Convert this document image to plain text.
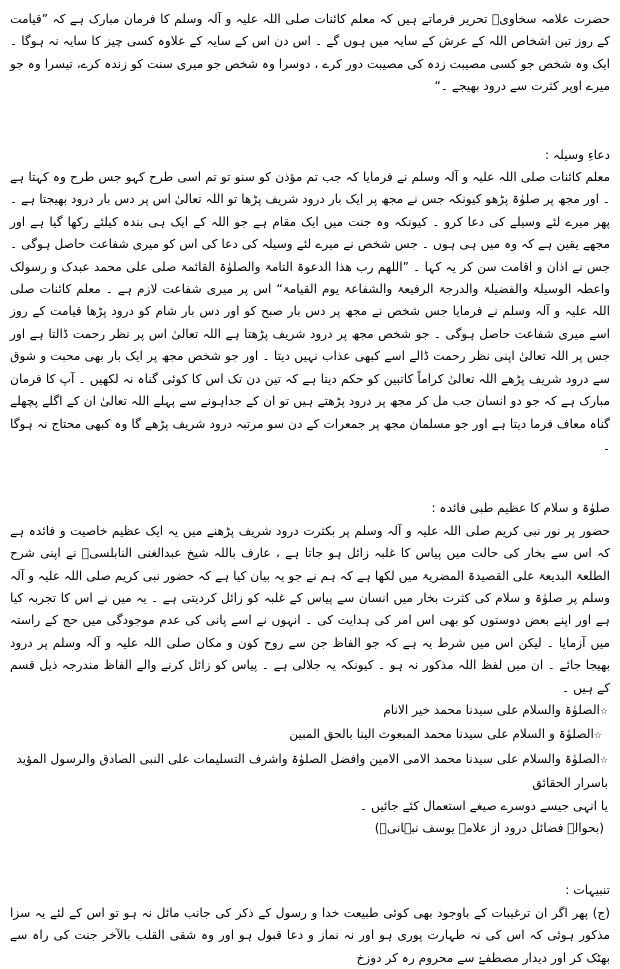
حضرت علامہ سخاویؒ تحریر فرماتے ہیں کہ معلم کائنات صلی اللہ علیہ و آلہ وسلم کا فرمان مبارک ہے کہ ”قیامت کے روز تین اشخاص اللہ کے عرش کے سایہ میں ہوں گے ۔ اس دن اس کے سایہ کے علاوہ کسی چیز کا سایہ نہ ہوگا ۔ ایک وہ شخص جو کسی مصیبت زدہ کی مصیبت دور کرے ، دوسرا وہ شخص جو میری سنت کو زندہ کرے، تیسرا وہ جو میرے اوپر کثرت سے درود بھیجے ۔“

دعاءِ وسیلہ :

معلم کائنات صلی اللہ علیہ و آلہ وسلم نے فرمایا کہ جب تم مؤذن کو سنو تو تم اسی طرح کہو جس طرح وہ کہتا ہے ۔ اور مجھ پر صلوٰۃ پڑھو کیونکہ جس نے مجھ پر ایک بار درود شریف پڑھا تو اللہ تعالیٰ اس پر دس بار درود بھیجتا ہے ۔ پھر میرے لئے وسیلے کی دعا کرو ۔ کیونکہ وہ جنت میں ایک مقام ہے جو اللہ کے ایک ہی بندہ کیلئے رکھا گیا ہے اور مجھے یقین ہے کہ وہ میں ہی ہوں ۔ جس شخص نے میرے لئے وسیلہ کی دعا کی اس کو میری شفاعت حاصل ہوگی ۔ جس نے اذان و اقامت سن کر یہ کہا ۔ ”اللھم رب ھذا الدعوۃ التامۃ والصلوٰۃ القائمۃ صلی علی محمد عبدک و رسولک واعطہ الوسیلۃ والفضیلۃ والدرجۃ الرفیعۃ والشفاعۃ یوم القیامۃ“ اس پر میری شفاعت لازم ہے ۔ معلم کائنات صلی اللہ علیہ و آلہ وسلم نے فرمایا جس شخص نے مجھ پر دس بار صبح کو اور دس بار شام کو درود پڑھا قیامت کے روز اسے میری شفاعت حاصل ہوگی ۔ جو شخص مجھ پر درود شریف پڑھتا ہے اللہ تعالیٰ اس پر نظر رحمت ڈالتا ہے اور جس پر اللہ تعالیٰ اپنی نظر رحمت ڈالے اسے کبھی عذاب نہیں دیتا ۔ اور جو شخص مجھ پر ایک بار بھی محبت و شوق سے درود شریف پڑھے اللہ تعالیٰ کراماً کاتبین کو حکم دیتا ہے کہ تین دن تک اس کا کوئی گناہ نہ لکھیں ۔ آپ کا فرمان مبارک ہے کہ جو دو انسان جب مل کر مجھ پر درود پڑھتے ہیں تو ان کے جداہونے سے پہلے اللہ تعالیٰ ان کے اگلے پچھلے گناہ معاف فرما دیتا ہے اور جو مسلمان مجھ پر جمعرات کے دن سو مرتبہ درود شریف پڑھے گا وہ کبھی محتاج نہ ہوگا ۔

صلوٰۃ و سلام کا عظیم طبی فائدہ :

حضور پر نور نبی کریم صلی اللہ علیہ و آلہ وسلم پر بکثرت درود شریف پڑھنے میں یہ ایک عظیم خاصیت و فائدہ ہے کہ اس سے بخار کی حالت میں پیاس کا غلبہ زائل ہو جاتا ہے ، عارف باللہ شیخ عبدالغنی النابلسیؒ نے اپنی شرح الطلعۃ البدیعۃ علی القصیدۃ المضریۃ میں لکھا ہے کہ ہم نے جو یہ بیان کیا ہے کہ حضور نبی کریم صلی اللہ علیہ و آلہ وسلم پر صلوٰۃ و سلام کی کثرت بخار میں انسان سے پیاس کے غلبہ کو زائل کردیتی ہے ۔ یہ میں نے اس کا تجربہ کیا ہے اور اپنے بعض دوستوں کو بھی اس امر کی ہدایت کی ۔ انہوں نے اسے پانی کی عدم موجودگی میں حج کے راستہ میں آزمایا ۔ لیکن اس میں شرط یہ ہے کہ جو الفاظ جن سے روح کون و مکان صلی اللہ علیہ و آلہ وسلم پر درود بھیجا جائے ۔ ان میں لفظ اللہ مذکور نہ ہو ۔ کیونکہ یہ جلالی ہے ۔ پیاس کو زائل کرنے والے الفاظ مندرجہ ذیل قسم کے ہیں ۔

☆الصلوٰۃ والسلام علی سیدنا محمد خیر الانام

☆الصلوٰۃ و السلام علی سیدنا محمد المبعوث الینا بالحق المبین

☆الصلوٰۃ والسلام علی سیدنا محمد الامی الامین وافضل الصلوٰۃ واشرف التسلیمات علی النبی الصادق والرسول المؤید باسرار الحقائق

یا انہی جیسے دوسرے صیغے استعمال کئے جائیں ۔

(بحوالہ فضائل درود از علامہ یوسف نبہانیؒ)

تنبیہات :

(ج) پھر اگر ان ترغیبات کے باوجود بھی کوئی طبیعت خدا و رسول کے ذکر کی جانب مائل نہ ہو تو اس کے لئے یہ سزا مذکور ہوئی کہ اس کی نہ طہارت پوری ہو اور نہ نماز و دعا قبول ہو اور وہ شقی القلب بالآخر جنت کی راہ سے بھٹک کر اور دیدار مصطفےٰ سے محروم رہ کر دوزخ
